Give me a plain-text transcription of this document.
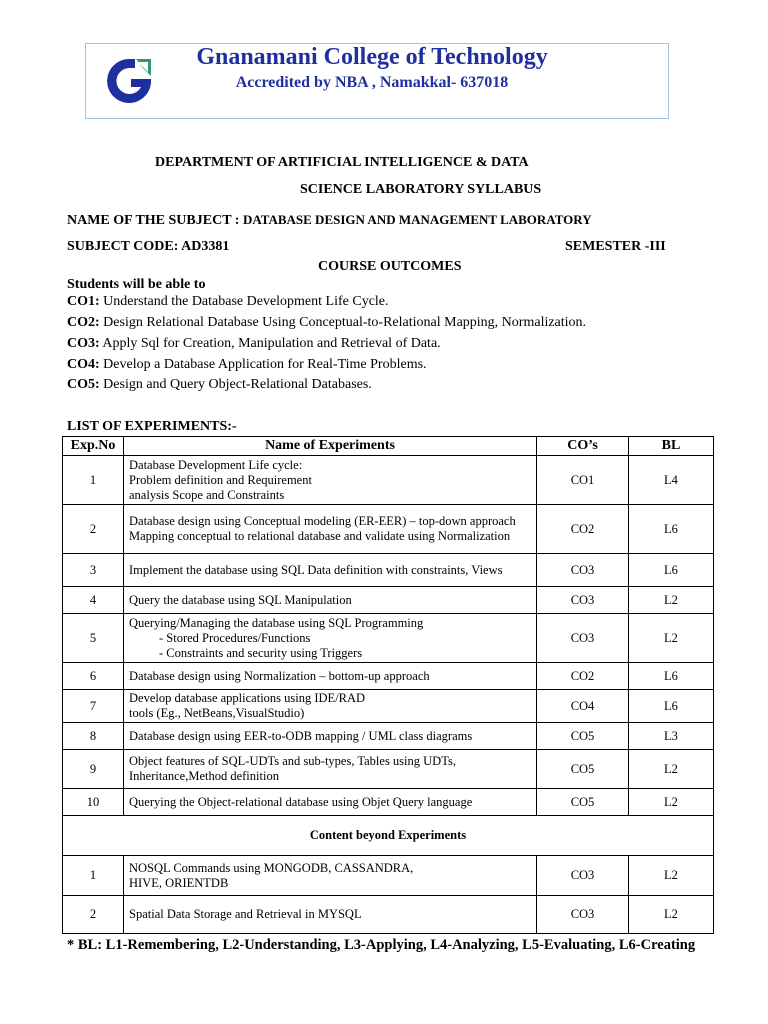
Gnanamani College of Technology
Accredited by NBA , Namakkal- 637018
DEPARTMENT OF ARTIFICIAL INTELLIGENCE & DATA
SCIENCE LABORATORY SYLLABUS
NAME OF THE SUBJECT : DATABASE DESIGN AND MANAGEMENT LABORATORY
SUBJECT CODE: AD3381	SEMESTER -III
COURSE OUTCOMES
Students will be able to
CO1: Understand the Database Development Life Cycle.
CO2: Design Relational Database Using Conceptual-to-Relational Mapping, Normalization.
CO3: Apply Sql for Creation, Manipulation and Retrieval of Data.
CO4: Develop a Database Application for Real-Time Problems.
CO5: Design and Query Object-Relational Databases.
LIST OF EXPERIMENTS:-
Exp.No	Name of Experiments	CO’s	BL
1	Database Development Life cycle:
Problem definition and Requirement
analysis Scope and Constraints	CO1	L4
2	Database design using Conceptual modeling (ER-EER) – top-down approach Mapping conceptual to relational database and validate using Normalization	CO2	L6
3	Implement the database using SQL Data definition with constraints, Views	CO3	L6
4	Query the database using SQL Manipulation	CO3	L2
5	Querying/Managing the database using SQL Programming
- Stored Procedures/Functions
- Constraints and security using Triggers	CO3	L2
6	Database design using Normalization – bottom-up approach	CO2	L6
7	Develop database applications using IDE/RAD
tools (Eg., NetBeans,VisualStudio)	CO4	L6
8	Database design using EER-to-ODB mapping / UML class diagrams	CO5	L3
9	Object features of SQL-UDTs and sub-types, Tables using UDTs,
Inheritance,Method definition	CO5	L2
10	Querying the Object-relational database using Objet Query language	CO5	L2
Content beyond Experiments			
1	NOSQL Commands using MONGODB, CASSANDRA,
HIVE, ORIENTDB	CO3	L2
2	Spatial Data Storage and Retrieval in MYSQL	CO3	L2
* BL: L1-Remembering, L2-Understanding, L3-Applying, L4-Analyzing, L5-Evaluating, L6-Creating
